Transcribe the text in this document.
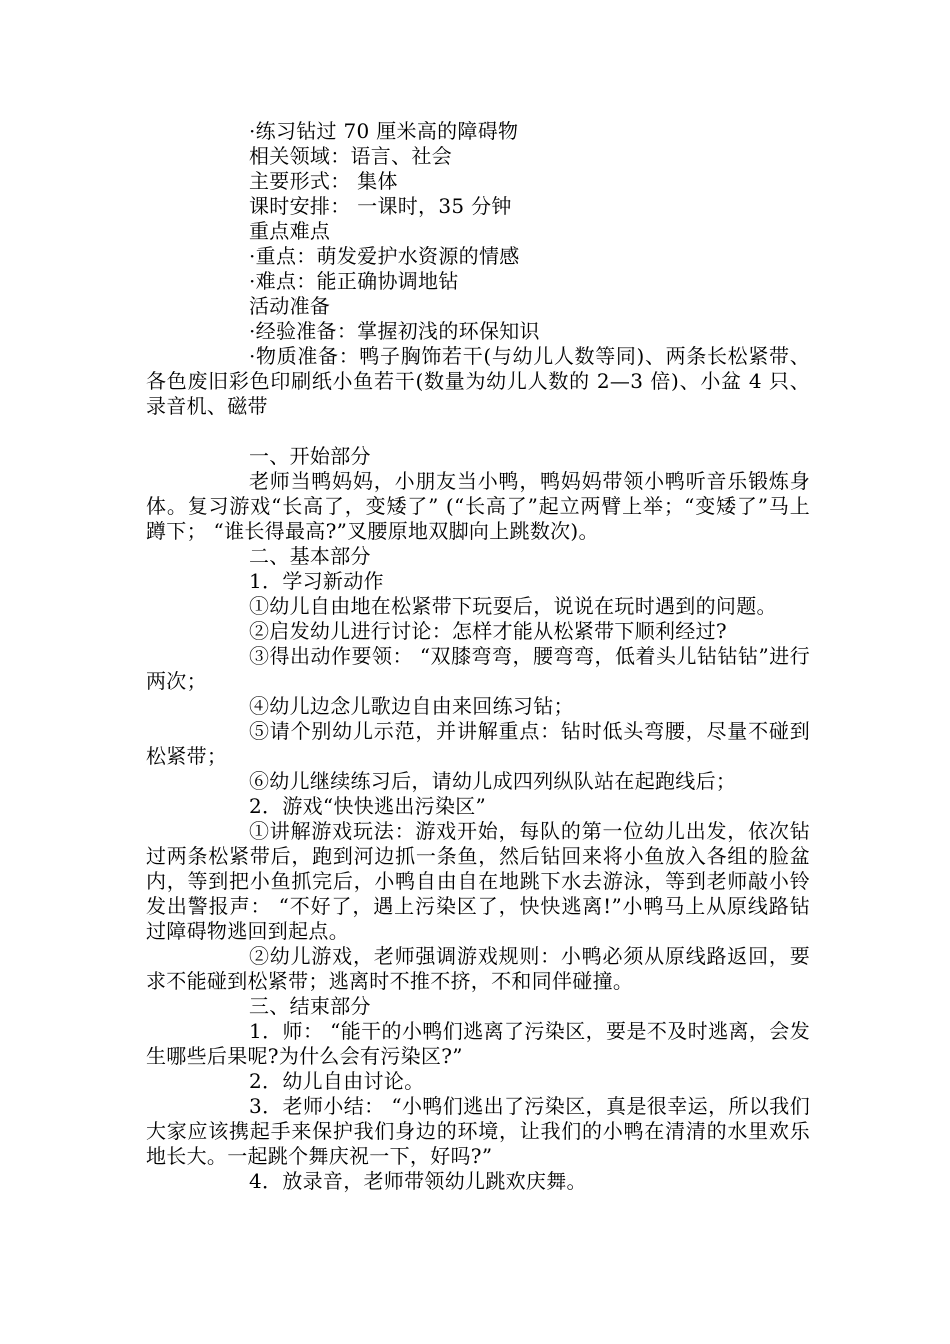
·练习钻过 70 厘米高的障碍物

相关领域：语言、社会

主要形式： 集体

课时安排： 一课时，35 分钟

重点难点

·重点：萌发爱护水资源的情感

·难点：能正确协调地钻

活动准备

·经验准备：掌握初浅的环保知识

·物质准备：鸭子胸饰若干(与幼儿人数等同)、两条长松紧带、各色废旧彩色印刷纸小鱼若干(数量为幼儿人数的 2—3 倍)、小盆 4 只、录音机、磁带

一、开始部分

老师当鸭妈妈，小朋友当小鸭，鸭妈妈带领小鸭听音乐锻炼身体。复习游戏“长高了，变矮了” (“长高了”起立两臂上举；“变矮了”马上蹲下； “谁长得最高?”叉腰原地双脚向上跳数次)。

二、基本部分

1．学习新动作

①幼儿自由地在松紧带下玩耍后，说说在玩时遇到的问题。

②启发幼儿进行讨论：怎样才能从松紧带下顺利经过?

③得出动作要领： “双膝弯弯，腰弯弯，低着头儿钻钻钻”进行两次；

④幼儿边念儿歌边自由来回练习钻；

⑤请个别幼儿示范，并讲解重点：钻时低头弯腰，尽量不碰到松紧带；

⑥幼儿继续练习后，请幼儿成四列纵队站在起跑线后；

2．游戏“快快逃出污染区”

①讲解游戏玩法：游戏开始，每队的第一位幼儿出发，依次钻过两条松紧带后，跑到河边抓一条鱼，然后钻回来将小鱼放入各组的脸盆内，等到把小鱼抓完后，小鸭自由自在地跳下水去游泳，等到老师敲小铃发出警报声： “不好了，遇上污染区了，快快逃离!”小鸭马上从原线路钻过障碍物逃回到起点。

②幼儿游戏，老师强调游戏规则：小鸭必须从原线路返回，要求不能碰到松紧带；逃离时不推不挤，不和同伴碰撞。

三、结束部分

1．师： “能干的小鸭们逃离了污染区，要是不及时逃离，会发生哪些后果呢?为什么会有污染区?”

2．幼儿自由讨论。

3．老师小结： “小鸭们逃出了污染区，真是很幸运，所以我们大家应该携起手来保护我们身边的环境，让我们的小鸭在清清的水里欢乐地长大。一起跳个舞庆祝一下，好吗?”

4．放录音，老师带领幼儿跳欢庆舞。
